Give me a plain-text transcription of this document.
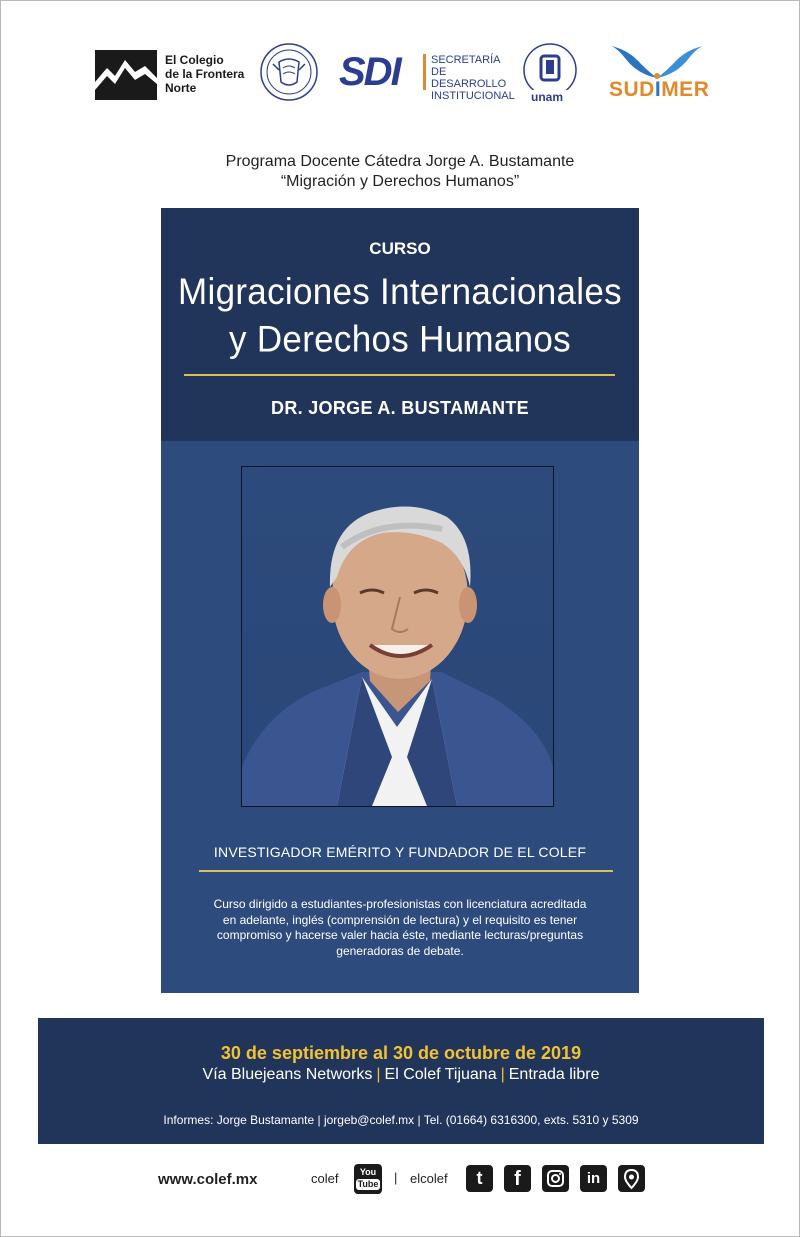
El Colegio
de la Frontera
Norte	SDI	SECRETARÍA DE
DESARROLLO
INSTITUCIONAL unam SUDIMER
Programa Docente Cátedra Jorge A. Bustamante
“Migración y Derechos Humanos”
CURSO
Migraciones Internacionales
y Derechos Humanos
DR. JORGE A. BUSTAMANTE
INVESTIGADOR EMÉRITO Y FUNDADOR DE EL COLEF
Curso dirigido a estudiantes-profesionistas con licenciatura acreditada
en adelante, inglés (comprensión de lectura) y el requisito es tener
compromiso y hacerse valer hacia éste, mediante lecturas/preguntas
generadoras de debate.
30 de septiembre al 30 de octubre de 2019
Vía Bluejeans Networks | El Colef Tijuana | Entrada libre
Informes: Jorge Bustamante | jorgeb@colef.mx | Tel. (01664) 6316300, exts. 5310 y 5309
www.colef.mx	colef	You
Tube | elcolef	t	f	in
